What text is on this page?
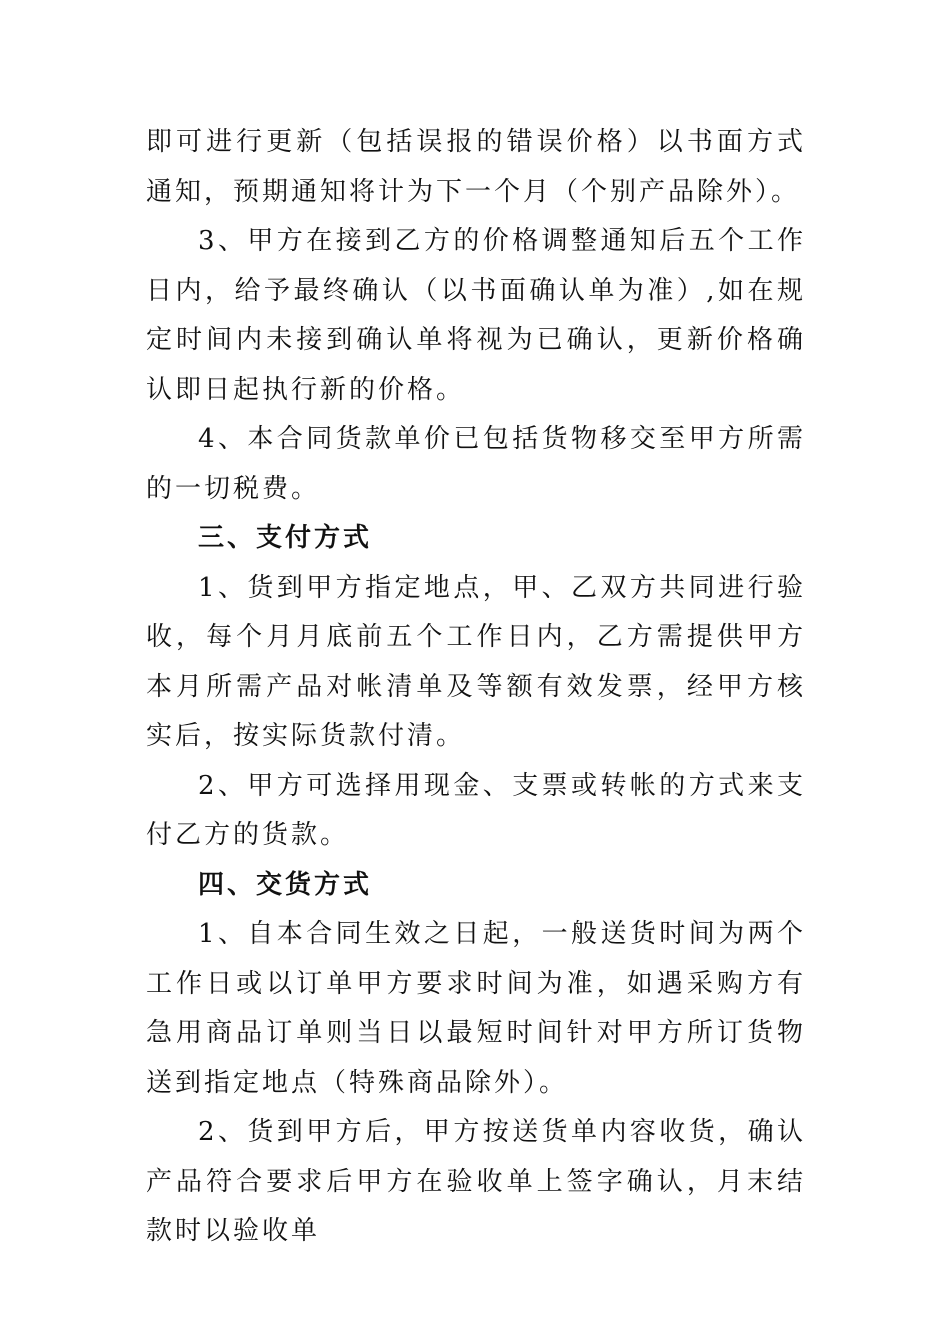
即可进行更新（包括误报的错误价格）以书面方式通知，预期通知将计为下一个月（个别产品除外）。

3、甲方在接到乙方的价格调整通知后五个工作日内，给予最终确认（以书面确认单为准）,如在规定时间内未接到确认单将视为已确认，更新价格确认即日起执行新的价格。

4、本合同货款单价已包括货物移交至甲方所需的一切税费。

三、支付方式

1、货到甲方指定地点，甲、乙双方共同进行验收，每个月月底前五个工作日内，乙方需提供甲方本月所需产品对帐清单及等额有效发票，经甲方核实后，按实际货款付清。

2、甲方可选择用现金、支票或转帐的方式来支付乙方的货款。

四、交货方式

1、自本合同生效之日起，一般送货时间为两个工作日或以订单甲方要求时间为准，如遇采购方有急用商品订单则当日以最短时间针对甲方所订货物送到指定地点（特殊商品除外）。

2、货到甲方后，甲方按送货单内容收货，确认产品符合要求后甲方在验收单上签字确认，月末结款时以验收单
